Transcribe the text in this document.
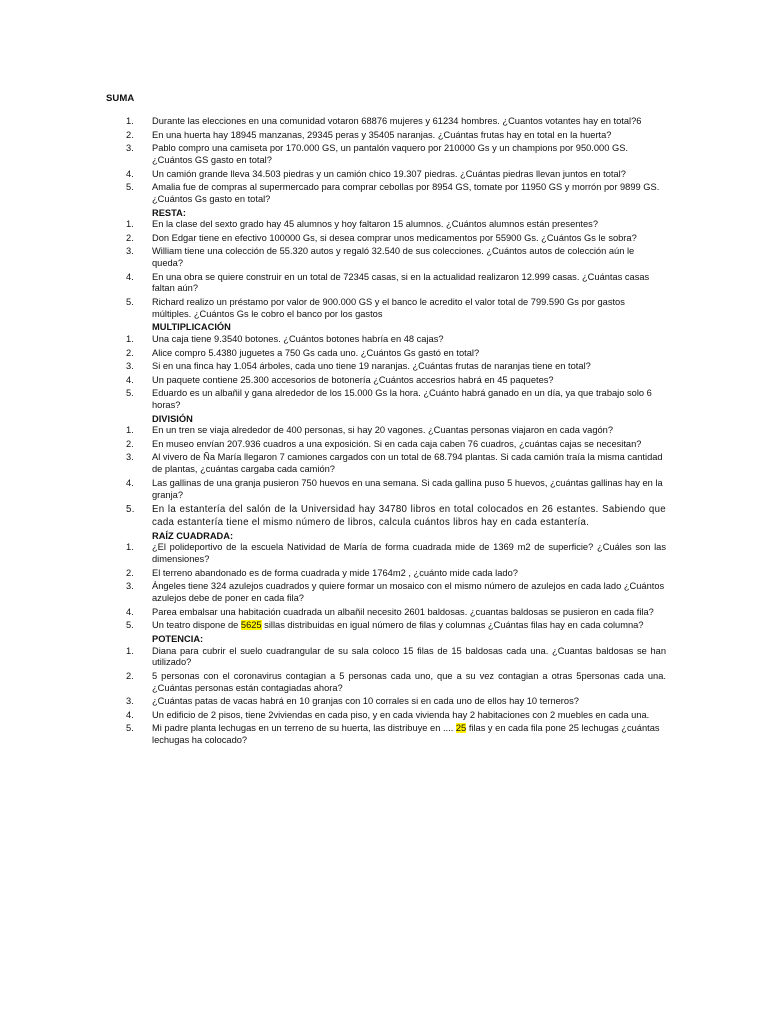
SUMA
1.	Durante las elecciones en una comunidad votaron 68876 mujeres y 61234 hombres. ¿Cuantos votantes hay en total?6
2.	En una huerta hay 18945 manzanas, 29345 peras y 35405 naranjas. ¿Cuántas frutas hay en total en la huerta?
3.	Pablo compro una camiseta por 170.000 GS, un pantalón vaquero por 210000 Gs y un champions por 950.000 GS. ¿Cuántos GS gasto en total?
4.	Un camión grande lleva 34.503 piedras y un camión chico 19.307 piedras. ¿Cuántas piedras llevan juntos en total?
5.	Amalia fue de compras al supermercado para comprar cebollas por 8954 GS, tomate por 11950 GS y morrón por 9899 GS. ¿Cuántos Gs gasto en total?
RESTA:
1.	En la clase del sexto grado hay 45 alumnos y hoy faltaron 15 alumnos. ¿Cuántos alumnos están presentes?
2.	Don Edgar tiene en efectivo 100000 Gs, si desea comprar unos medicamentos por 55900 Gs. ¿Cuántos Gs le sobra?
3.	William tiene una colección de 55.320 autos y regaló 32.540 de sus colecciones. ¿Cuántos autos de colección aún le queda?
4.	En una obra se quiere construir en un total de 72345 casas, si en la actualidad realizaron 12.999 casas. ¿Cuántas casas faltan aún?
5.	Richard realizo un préstamo por valor de 900.000 GS y el banco le acredito el valor total de 799.590 Gs por gastos múltiples. ¿Cuántos Gs le cobro el banco por los gastos
MULTIPLICACIÓN
1.	Una caja tiene 9.3540 botones. ¿Cuántos botones habría en 48 cajas?
2.	Alice compro 5.4380 juguetes a 750 Gs cada uno. ¿Cuántos Gs gastó en total?
3.	Si en una finca hay 1.054 árboles, cada uno tiene 19 naranjas. ¿Cuántas frutas de naranjas tiene en total?
4.	Un paquete contiene 25.300 accesorios de botonería ¿Cuántos accesrios habrá en 45 paquetes?
5.	Eduardo es un albañil y gana alrededor de los 15.000 Gs la hora. ¿Cuánto habrá ganado en un día, ya que trabajo solo 6 horas?
DIVISIÓN
1.	En un tren se viaja alrededor de 400 personas, si hay 20 vagones. ¿Cuantas personas viajaron en cada vagón?
2.	En museo envían 207.936 cuadros a una exposición. Si en cada caja caben 76 cuadros, ¿cuántas cajas se necesitan?
3.	Al vivero de Ña María llegaron 7 camiones cargados con un total de 68.794 plantas. Si cada camión traía la misma cantidad de plantas, ¿cuántas cargaba cada camión?
4.	Las gallinas de una granja pusieron 750 huevos en una semana. Si cada gallina puso 5 huevos, ¿cuántas gallinas hay en la granja?
5.	En la estantería del salón de la Universidad hay 34780 libros en total colocados en 26 estantes. Sabiendo que cada estantería tiene el mismo número de libros, calcula cuántos libros hay en cada estantería.
RAÍZ CUADRADA:
1.	¿El polideportivo de la escuela Natividad de María de forma cuadrada mide de 1369 m2 de superficie? ¿Cuáles son las dimensiones?
2.	El terreno abandonado es de forma cuadrada y mide 1764m2 , ¿cuánto mide cada lado?
3.	Ángeles tiene 324 azulejos cuadrados y quiere formar un mosaico con el mismo número de azulejos en cada lado ¿Cuántos azulejos debe de poner en cada fila?
4.	Parea embalsar una habitación cuadrada un albañil necesito 2601 baldosas. ¿cuantas baldosas se pusieron en cada fila?
5.	Un teatro dispone de 5625 sillas distribuidas en igual número de filas y columnas ¿Cuántas filas hay en cada columna?
POTENCIA:
1.	Diana para cubrir el suelo cuadrangular de su sala coloco 15 filas de 15 baldosas cada una. ¿Cuantas baldosas se han utilizado?
2.	5 personas con el coronavirus contagian a 5 personas cada uno, que a su vez contagian a otras 5personas cada una. ¿Cuántas personas están contagiadas ahora?
3.	¿Cuántas patas de vacas habrá en 10 granjas con 10 corrales si en cada uno de ellos hay 10 terneros?
4.	Un edificio de 2 pisos, tiene 2viviendas en cada piso, y en cada vivienda hay 2 habitaciones con 2 muebles en cada una.
5.	Mi padre planta lechugas en un terreno de su huerta, las distribuye en .... 25 filas y en cada fila pone 25 lechugas ¿cuántas lechugas ha colocado?
